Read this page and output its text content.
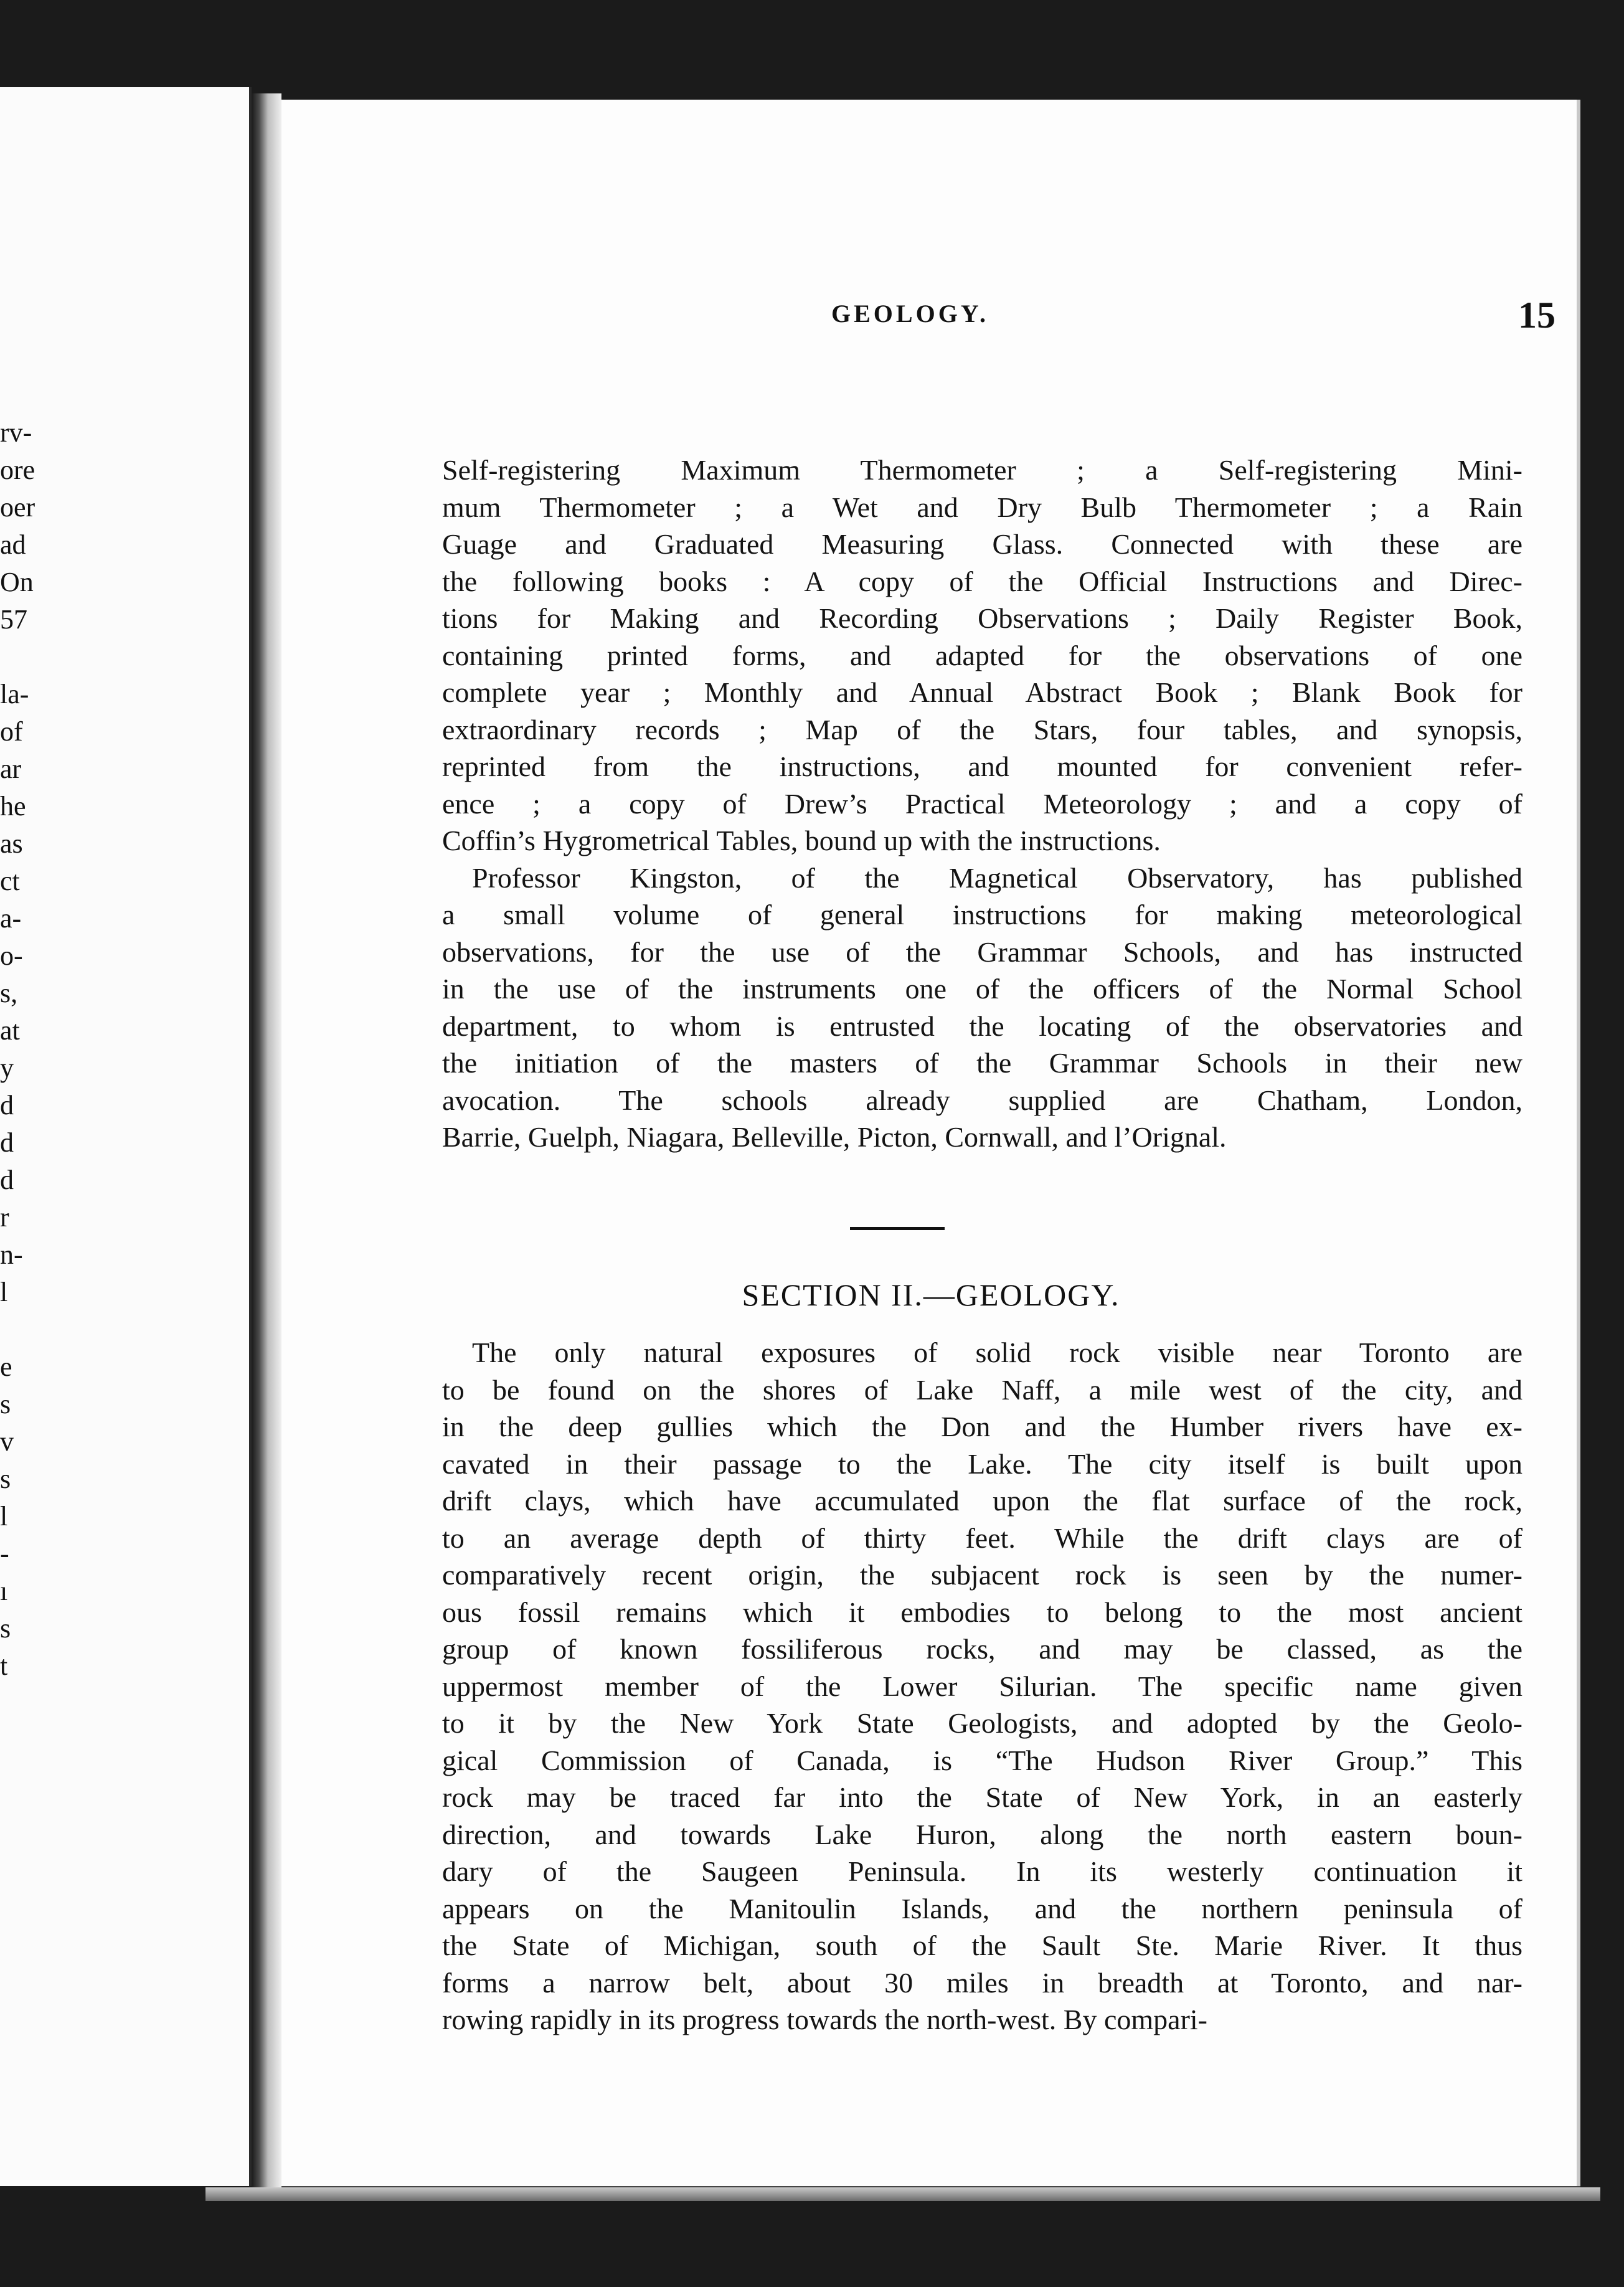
rv-
ore
oer
ad
On
57
la-
of
ar
he
as
ct
a-
o-
s,
at
y
d
d
d
r
n-
l
e
s
v
s
l
-
ı
s
t
GEOLOGY.	15
Self-registering Maximum Thermometer ; a Self-registering Mini-
mum Thermometer ; a Wet and Dry Bulb Thermometer ; a Rain
Guage and Graduated Measuring Glass. Connected with these are
the following books : A copy of the Official Instructions and Direc-
tions for Making and Recording Observations ; Daily Register Book,
containing printed forms, and adapted for the observations of one
complete year ; Monthly and Annual Abstract Book ; Blank Book for
extraordinary records ; Map of the Stars, four tables, and synopsis,
reprinted from the instructions, and mounted for convenient refer-
ence ; a copy of Drew’s Practical Meteorology ; and a copy of
Coffin’s Hygrometrical Tables, bound up with the instructions.
Professor Kingston, of the Magnetical Observatory, has published
a small volume of general instructions for making meteorological
observations, for the use of the Grammar Schools, and has instructed
in the use of the instruments one of the officers of the Normal School
department, to whom is entrusted the locating of the observatories and
the initiation of the masters of the Grammar Schools in their new
avocation. The schools already supplied are Chatham, London,
Barrie, Guelph, Niagara, Belleville, Picton, Cornwall, and l’Orignal.
SECTION II.—GEOLOGY.
The only natural exposures of solid rock visible near Toronto are
to be found on the shores of Lake Naff, a mile west of the city, and
in the deep gullies which the Don and the Humber rivers have ex-
cavated in their passage to the Lake. The city itself is built upon
drift clays, which have accumulated upon the flat surface of the rock,
to an average depth of thirty feet. While the drift clays are of
comparatively recent origin, the subjacent rock is seen by the numer-
ous fossil remains which it embodies to belong to the most ancient
group of known fossiliferous rocks, and may be classed, as the
uppermost member of the Lower Silurian. The specific name given
to it by the New York State Geologists, and adopted by the Geolo-
gical Commission of Canada, is “The Hudson River Group.” This
rock may be traced far into the State of New York, in an easterly
direction, and towards Lake Huron, along the north eastern boun-
dary of the Saugeen Peninsula. In its westerly continuation it
appears on the Manitoulin Islands, and the northern peninsula of
the State of Michigan, south of the Sault Ste. Marie River. It thus
forms a narrow belt, about 30 miles in breadth at Toronto, and nar-
rowing rapidly in its progress towards the north-west. By compari-
